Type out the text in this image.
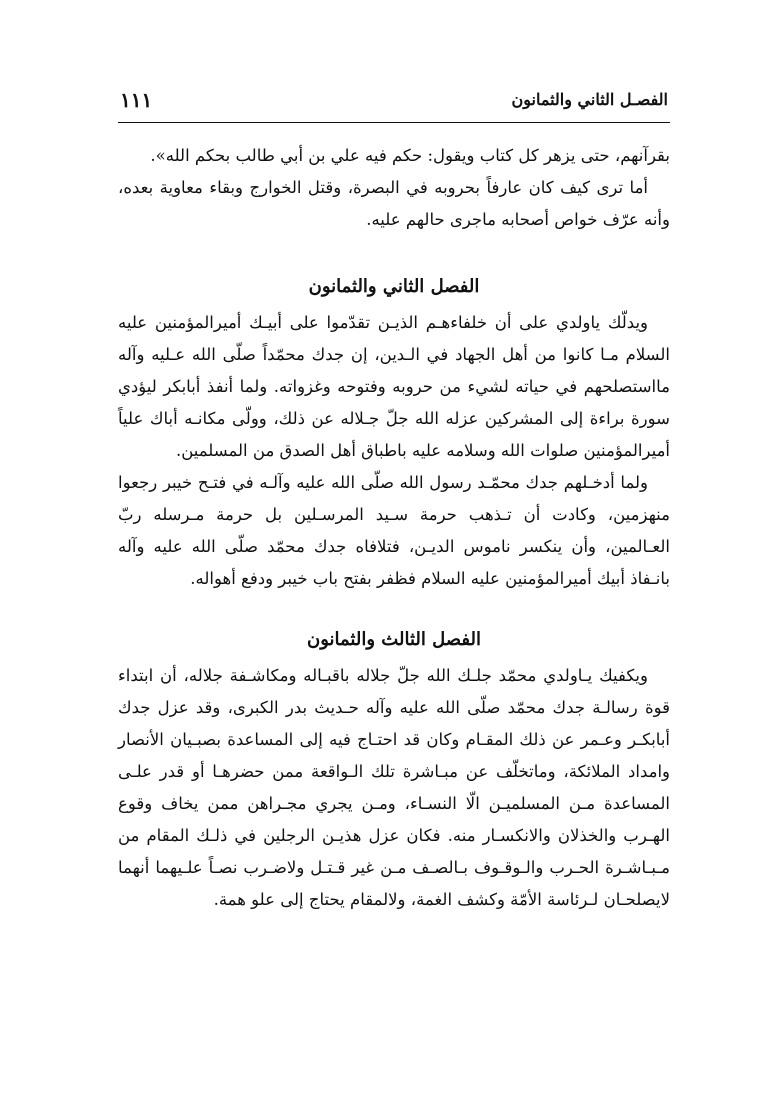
الفصـل الثاني والثمانون
١١١

بقرآنهم، حتى يزهر كل كتاب ويقول: حكم فيه علي بن أبي طالب بحكم الله».

أما ترى كيف كان عارفاً بحروبه في البصرة، وقتل الخوارج وبقاء معاوية بعده، وأنه عرّف خواص أصحابه ماجرى حالهم عليه.

الفصل الثاني والثمانون

ويدلّك ياولدي على أن خلفاءهـم الذيـن تقدّموا على أبيـك أميرالمؤمنين عليه السلام مـا كانوا من أهل الجهاد في الـدين، إن جدك محمّداً صلّى الله عـليه وآله مااستصلحهم في حياته لشيء من حروبه وفتوحه وغزواته. ولما أنفذ أبابكر ليؤدي سورة براءة إلى المشركين عزله الله جلّ جـلاله عن ذلك، وولّى مكانـه أباك علياً أميرالمؤمنين صلوات الله وسلامه عليه باطباق أهل الصدق من المسلمين.

ولما أدخـلهم جدك محمّـد رسول الله صلّى الله عليه وآلـه في فتـح خيبر رجعوا منهزمين، وكادت أن تـذهب حرمة سـيد المرسـلين بل حرمة مـرسله ربّ العـالمين، وأن ينكسر ناموس الديـن، فتلافاه جدك محمّد صلّى الله عليه وآله بانـفاذ أبيك أميرالمؤمنين عليه السلام فظفر بفتح باب خيبر ودفع أهواله.

الفصل الثالث والثمانون

ويكفيك يـاولدي محمّد جلـك الله جلّ جلاله باقبـاله ومكاشـفة جلاله، أن ابتداء قوة رسالـة جدك محمّد صلّى الله عليه وآله حـديث بدر الكبرى، وقد عزل جدك أبابكـر وعـمر عن ذلك المقـام وكان قد احتـاج فيه إلى المساعدة بصبـيان الأنصار وامداد الملائكة، وماتخلّف عن مبـاشرة تلك الـواقعة ممن حضرهـا أو قدر علـى المساعدة مـن المسلميـن الّا النسـاء، ومـن يجري مجـراهن ممن يخاف وقوع الهـرب والخذلان والانكسـار منه. فكان عزل هذيـن الرجلين في ذلـك المقام من مـبـاشـرة الحـرب والـوقـوف بـالصـف مـن غير قـتـل ولاضـرب نصـاً علـيهما أنهما لايصلحـان لـرئاسة الأمّة وكشف الغمة، ولالمقام يحتاج إلى علو همة.
